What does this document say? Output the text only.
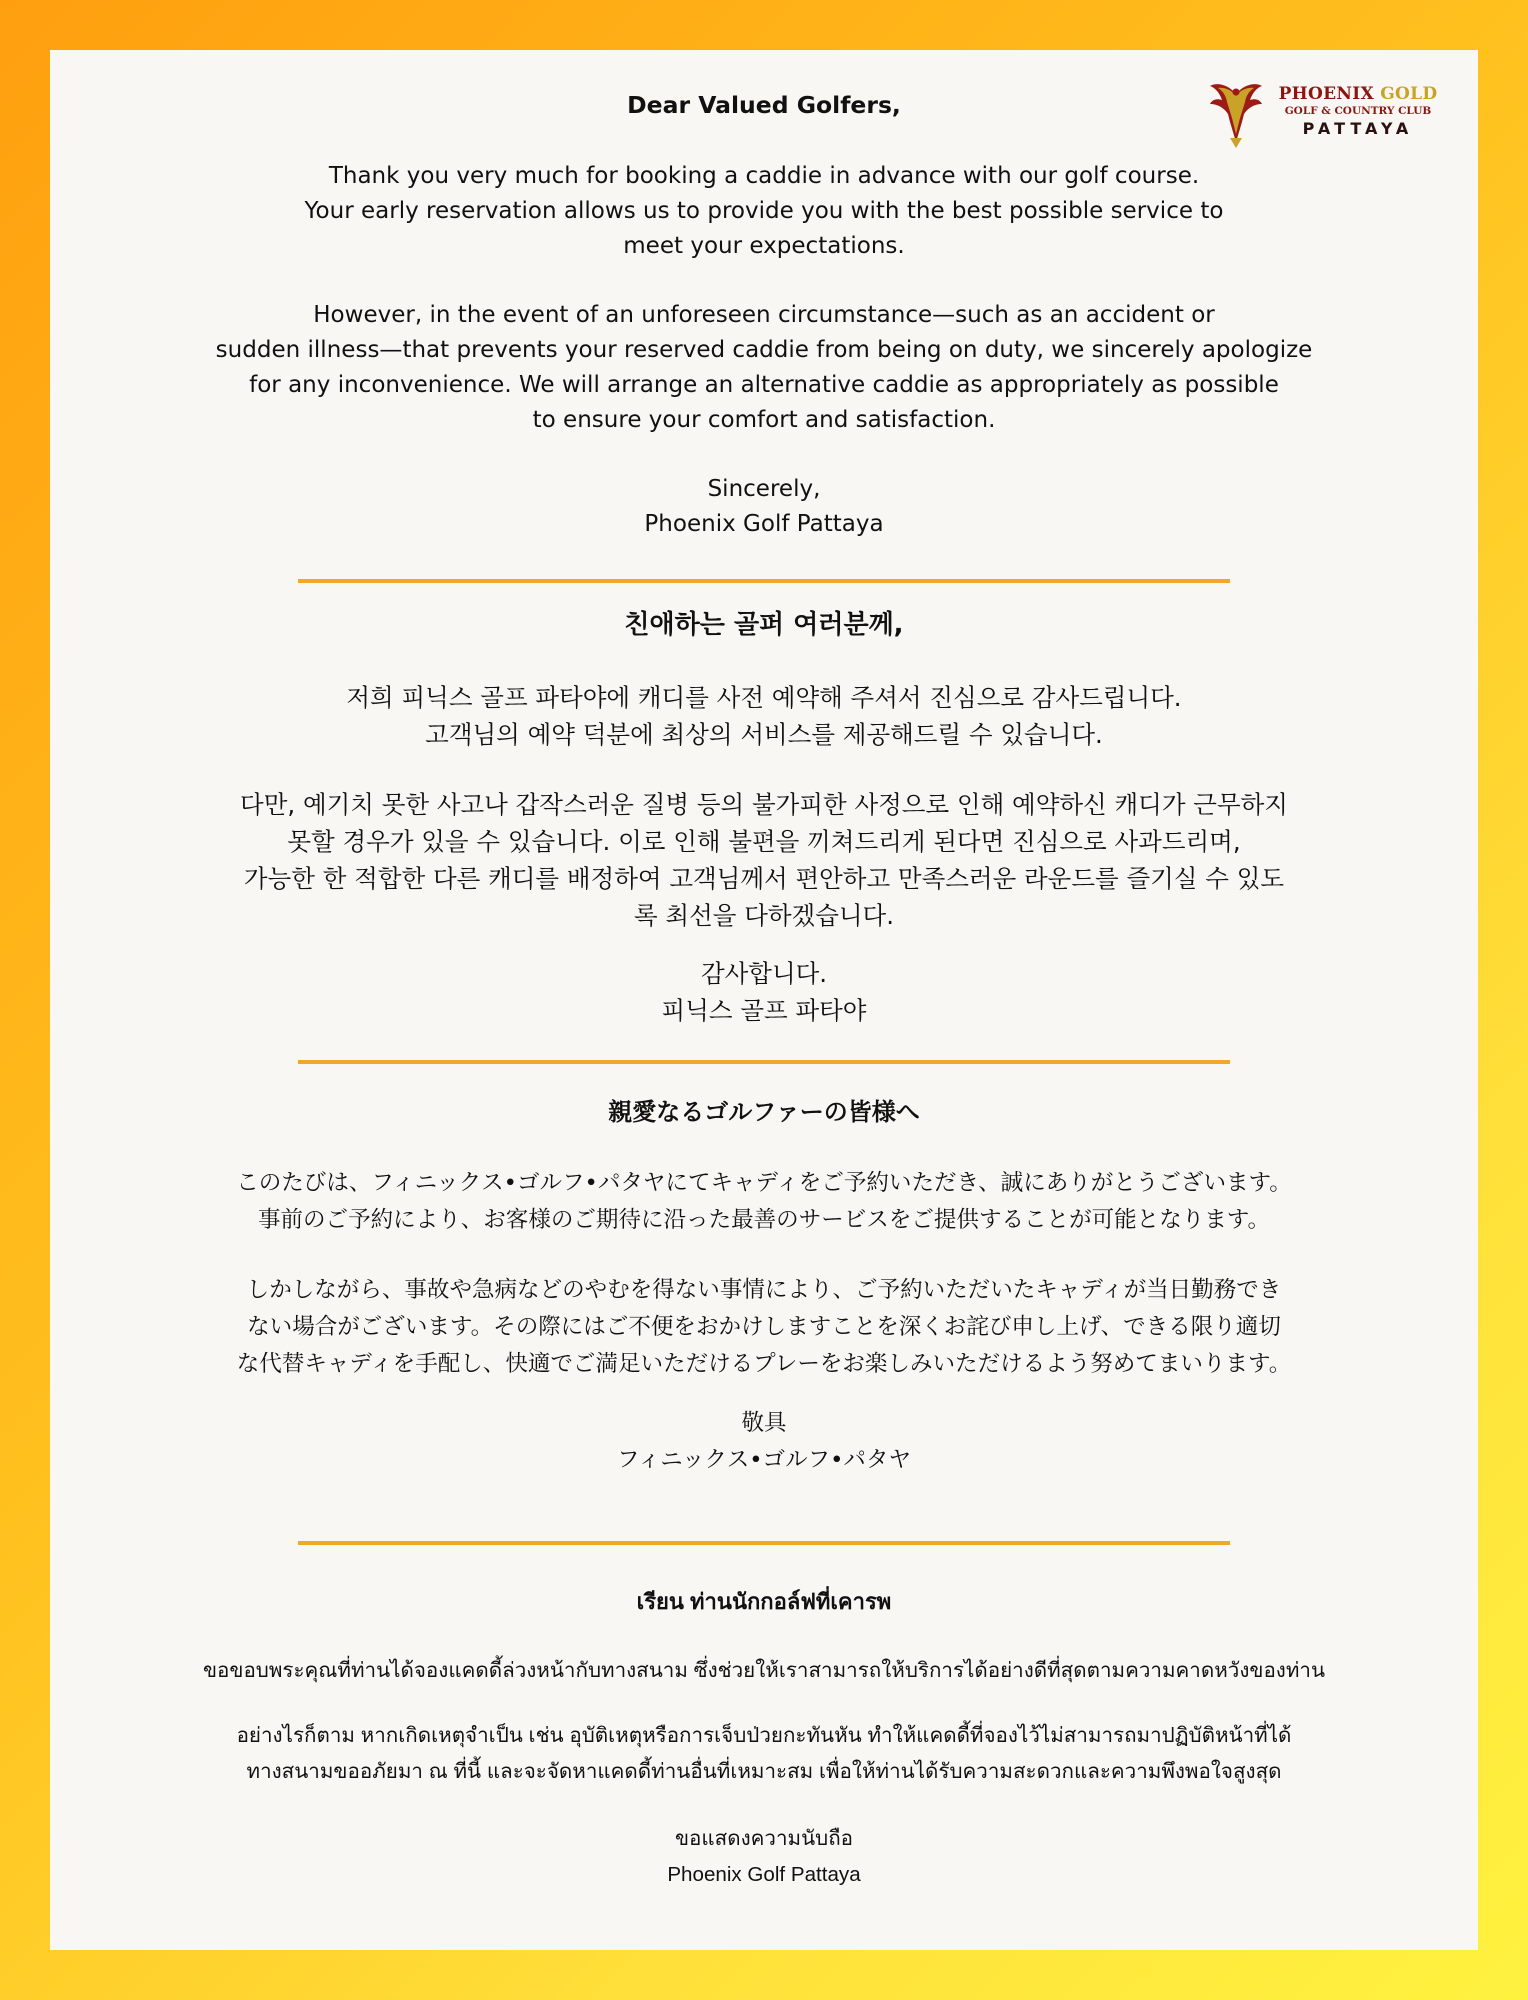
PHOENIX GOLD
GOLF & COUNTRY CLUB
PATTAYA
Dear Valued Golfers,
Thank you very much for booking a caddie in advance with our golf course.
Your early reservation allows us to provide you with the best possible service to
meet your expectations.
However, in the event of an unforeseen circumstance—such as an accident or
sudden illness—that prevents your reserved caddie from being on duty, we sincerely apologize
for any inconvenience. We will arrange an alternative caddie as appropriately as possible
to ensure your comfort and satisfaction.
Sincerely,
Phoenix Golf Pattaya
친애하는 골퍼 여러분께,
저희 피닉스 골프 파타야에 캐디를 사전 예약해 주셔서 진심으로 감사드립니다.
고객님의 예약 덕분에 최상의 서비스를 제공해드릴 수 있습니다.
다만, 예기치 못한 사고나 갑작스러운 질병 등의 불가피한 사정으로 인해 예약하신 캐디가 근무하지
못할 경우가 있을 수 있습니다. 이로 인해 불편을 끼쳐드리게 된다면 진심으로 사과드리며,
가능한 한 적합한 다른 캐디를 배정하여 고객님께서 편안하고 만족스러운 라운드를 즐기실 수 있도
록 최선을 다하겠습니다.
감사합니다.
피닉스 골프 파타야
親愛なるゴルファーの皆様へ
このたびは、フィニックス•ゴルフ•パタヤにてキャディをご予約いただき、誠にありがとうございます。
事前のご予約により、お客様のご期待に沿った最善のサービスをご提供することが可能となります。
しかしながら、事故や急病などのやむを得ない事情により、ご予約いただいたキャディが当日勤務でき
ない場合がございます。その際にはご不便をおかけしますことを深くお詫び申し上げ、できる限り適切
な代替キャディを手配し、快適でご満足いただけるプレーをお楽しみいただけるよう努めてまいります。
敬具
フィニックス•ゴルフ•パタヤ
เรียน ท่านนักกอล์ฟที่เคารพ
ขอขอบพระคุณที่ท่านได้จองแคดดี้ล่วงหน้ากับทางสนาม ซึ่งช่วยให้เราสามารถให้บริการได้อย่างดีที่สุดตามความคาดหวังของท่าน
อย่างไรก็ตาม หากเกิดเหตุจำเป็น เช่น อุบัติเหตุหรือการเจ็บป่วยกะทันหัน ทำให้แคดดี้ที่จองไว้ไม่สามารถมาปฏิบัติหน้าที่ได้
ทางสนามขออภัยมา ณ ที่นี้ และจะจัดหาแคดดี้ท่านอื่นที่เหมาะสม เพื่อให้ท่านได้รับความสะดวกและความพึงพอใจสูงสุด
ขอแสดงความนับถือ
Phoenix Golf Pattaya
